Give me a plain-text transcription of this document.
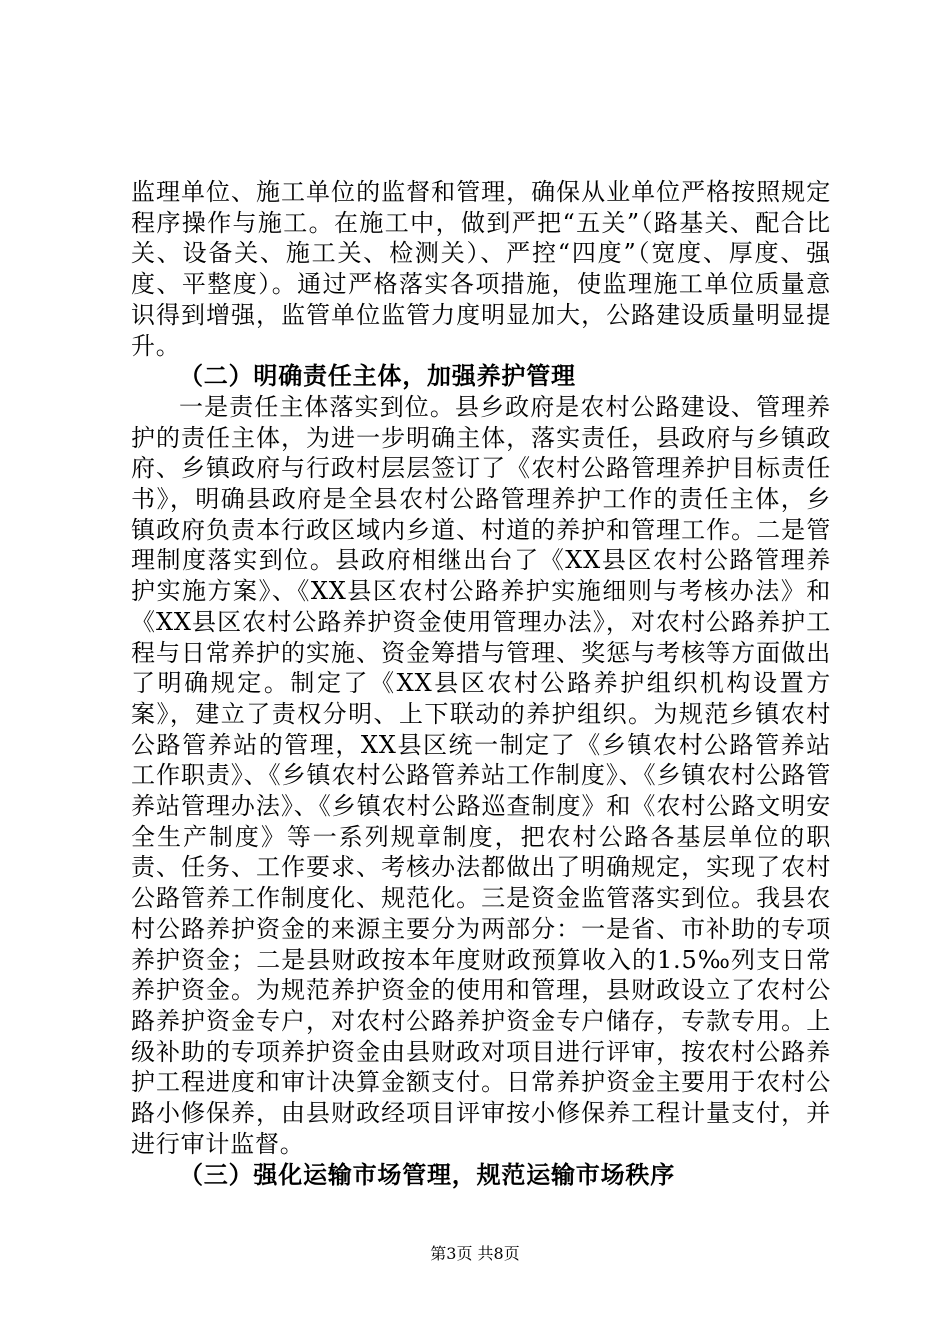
监理单位、施工单位的监督和管理，确保从业单位严格按照规定程序操作与施工。在施工中，做到严把“五关”（路基关、配合比关、设备关、施工关、检测关）、严控“四度”（宽度、厚度、强度、平整度）。通过严格落实各项措施，使监理施工单位质量意识得到增强，监管单位监管力度明显加大，公路建设质量明显提升。

（二）明确责任主体，加强养护管理

一是责任主体落实到位。县乡政府是农村公路建设、管理养护的责任主体，为进一步明确主体，落实责任，县政府与乡镇政府、乡镇政府与行政村层层签订了《农村公路管理养护目标责任书》，明确县政府是全县农村公路管理养护工作的责任主体，乡镇政府负责本行政区域内乡道、村道的养护和管理工作。二是管理制度落实到位。县政府相继出台了《XX县区农村公路管理养护实施方案》、《XX县区农村公路养护实施细则与考核办法》和《XX县区农村公路养护资金使用管理办法》，对农村公路养护工程与日常养护的实施、资金筹措与管理、奖惩与考核等方面做出了明确规定。制定了《XX县区农村公路养护组织机构设置方案》，建立了责权分明、上下联动的养护组织。为规范乡镇农村公路管养站的管理，XX县区统一制定了《乡镇农村公路管养站工作职责》、《乡镇农村公路管养站工作制度》、《乡镇农村公路管养站管理办法》、《乡镇农村公路巡查制度》和《农村公路文明安全生产制度》等一系列规章制度，把农村公路各基层单位的职责、任务、工作要求、考核办法都做出了明确规定，实现了农村公路管养工作制度化、规范化。三是资金监管落实到位。我县农村公路养护资金的来源主要分为两部分：一是省、市补助的专项养护资金；二是县财政按本年度财政预算收入的1.5‰列支日常养护资金。为规范养护资金的使用和管理，县财政设立了农村公路养护资金专户，对农村公路养护资金专户储存，专款专用。上级补助的专项养护资金由县财政对项目进行评审，按农村公路养护工程进度和审计决算金额支付。日常养护资金主要用于农村公路小修保养，由县财政经项目评审按小修保养工程计量支付，并进行审计监督。

（三）强化运输市场管理，规范运输市场秩序

第3页 共8页
